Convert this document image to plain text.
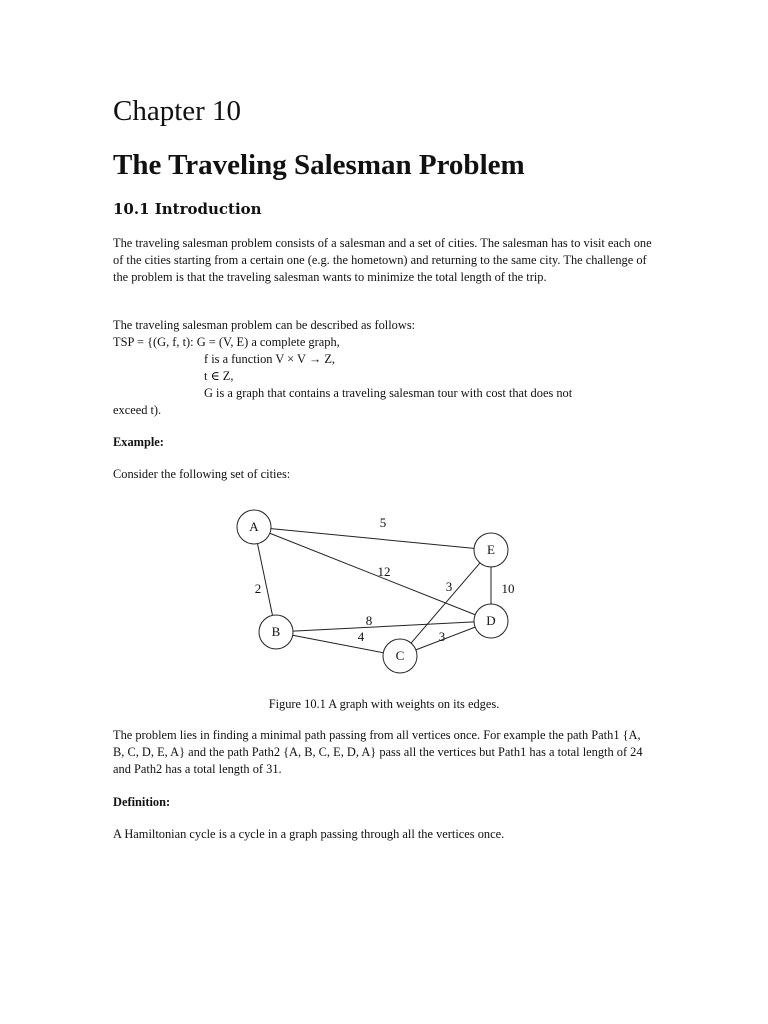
Chapter 10
The Traveling Salesman Problem
10.1 Introduction

The traveling salesman problem consists of a salesman and a set of cities. The salesman has to visit each one of the cities starting from a certain one (e.g. the hometown) and returning to the same city. The challenge of the problem is that the traveling salesman wants to minimize the total length of the trip.

The traveling salesman problem can be described as follows:

TSP = {(G, f, t): G = (V, E) a complete graph,

f is a function V × V → Z,

t ∈ Z,

G is a graph that contains a traveling salesman tour with cost that does not

exceed t).

Example:

Consider the following set of cities:

5
12
2	3	10
8
4	3
A
E
D
B
C

Figure 10.1 A graph with weights on its edges.

The problem lies in finding a minimal path passing from all vertices once. For example the path Path1 {A, B, C, D, E, A} and the path Path2 {A, B, C, E, D, A} pass all the vertices but Path1 has a total length of 24 and Path2 has a total length of 31.

Definition:

A Hamiltonian cycle is a cycle in a graph passing through all the vertices once.
